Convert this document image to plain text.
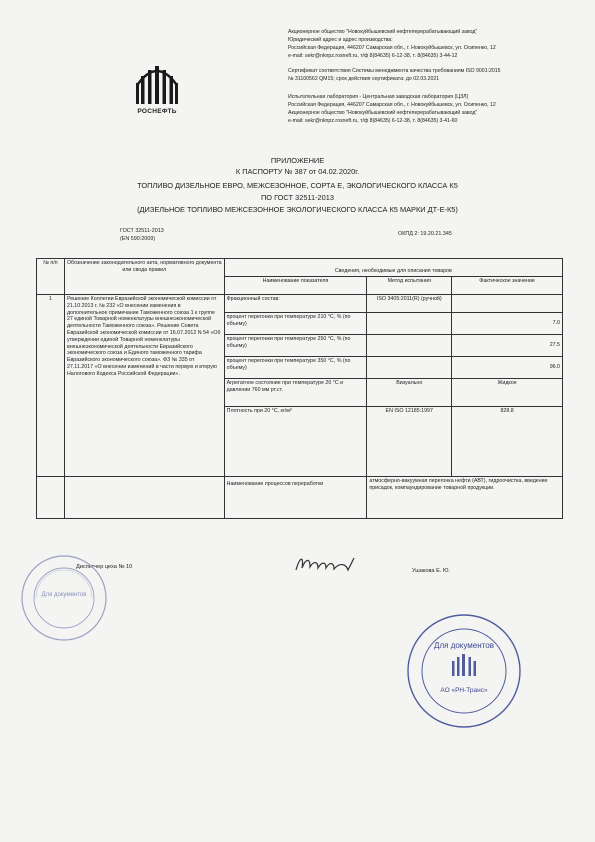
РОСНЕФТЬ
Акционерное общество "Новокуйбышевский нефтеперерабатывающий завод"
Юридический адрес и адрес производства:
Российская Федерация, 446207 Самарская обл., г. Новокуйбышевск, ул. Осипенко, 12
e-mail: sekr@nknpz.rosneft.ru, т/ф 8(84635) 6-12-38, т. 8(84635) 3-44-12
Сертификат соответствия Системы менеджмента качества требованиям ISO 9001:2015
№ 31100562 QM15; срок действия сертификата: до 02.03.2021
Испытательная лаборатория - Центральная заводская лаборатория (ЦЗЛ)
Российская Федерация, 446207 Самарская обл., г. Новокуйбышевск, ул. Осипенко, 12
Акционерное общество "Новокуйбышевский нефтеперерабатывающий завод"
e-mail: sekr@nknpz.rosneft.ru, т/ф 8(84635) 6-12-38, т. 8(84635) 3-41-60
ПРИЛОЖЕНИЕ
К ПАСПОРТУ № 387 от 04.02.2020г.
ТОПЛИВО ДИЗЕЛЬНОЕ ЕВРО, МЕЖСЕЗОННОЕ, СОРТА Е, ЭКОЛОГИЧЕСКОГО КЛАССА К5
ПО ГОСТ 32511-2013
(ДИЗЕЛЬНОЕ ТОПЛИВО МЕЖСЕЗОННОЕ ЭКОЛОГИЧЕСКОГО КЛАССА К5 МАРКИ ДТ-Е-К5)
ГОСТ 32511-2013
(EN 590:2009)
ОКПД 2: 19.20.21.345
№ п/п	Обозначение законодательного акта, нормативного документа или свода правил	Сведения, необходимые для описания товаров		
		Наименование показателя	Метод испытания	Фактическое значение
1	Решение Коллегии Евразийской экономической комиссии от 21.10.2013 г. № 232 «О внесении изменения в дополнительное примечание Таможенного союза 1 к группе 27 единой Товарной номенклатуры внешнеэкономической деятельности Таможенного союза». Решение Совета Евразийской экономической комиссии от 16.07.2012 N 54 «Об утверждении единой Товарной номенклатуры внешнеэкономической деятельности Евразийского экономического союза и Единого таможенного тарифа Евразийского экономического союза». ФЗ № 335 от 27.11.2017 «О внесении изменений в части первую и вторую Налогового Кодекса Российской Федерации».	Фракционный состав:	ISO 3405:2011(R) (ручной)	
		процент перегонки при температуре 210 °С, % (по объему)		7.0
		процент перегонки при температуре 250 °С, % (по объему)		27.5
		процент перегонки при температуре 350 °С, % (по объему)		96.0
		Агрегатное состояние при температуре 20 °С и давлении 760 мм рт.ст.	Визуально	Жидкое
		Плотность при 20 °С, кг/м³	EN ISO 12185:1997	828.8
		Наименование процессов переработки	атмосферно-вакуумная перегонка нефти (АВТ), гидроочистка, введение присадок, компаундирование товарной продукции.	
Диспетчер цеха № 10
Ушакова Е. Ю.
Для документов
Для документов
АО «РН-Транс»
